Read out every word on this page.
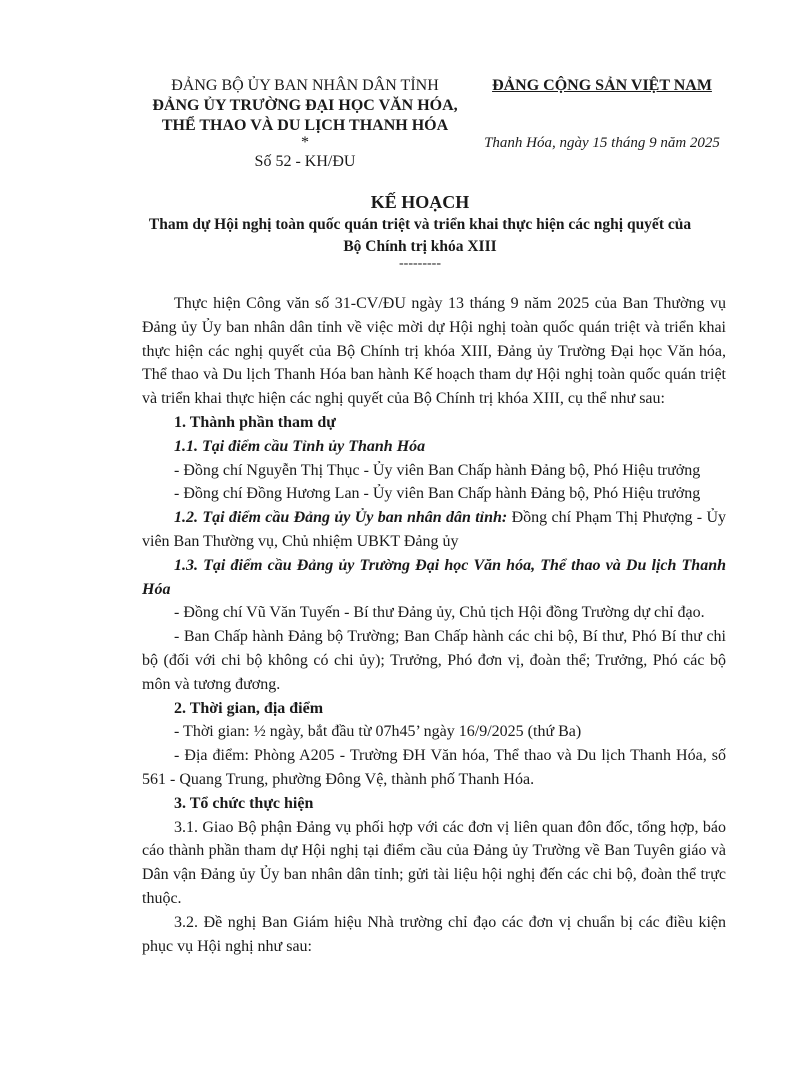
ĐẢNG BỘ ỦY BAN NHÂN DÂN TỈNH
ĐẢNG ỦY TRƯỜNG ĐẠI HỌC VĂN HÓA,
THỂ THAO VÀ DU LỊCH THANH HÓA
*
Số 52 - KH/ĐU
ĐẢNG CỘNG SẢN VIỆT NAM
Thanh Hóa, ngày 15 tháng 9 năm 2025
KẾ HOẠCH
Tham dự Hội nghị toàn quốc quán triệt và triển khai thực hiện các nghị quyết của
Bộ Chính trị khóa XIII
---------

Thực hiện Công văn số 31-CV/ĐU ngày 13 tháng 9 năm 2025 của Ban Thường vụ Đảng ủy Ủy ban nhân dân tỉnh về việc mời dự Hội nghị toàn quốc quán triệt và triển khai thực hiện các nghị quyết của Bộ Chính trị khóa XIII, Đảng ủy Trường Đại học Văn hóa, Thể thao và Du lịch Thanh Hóa ban hành Kế hoạch tham dự Hội nghị toàn quốc quán triệt và triển khai thực hiện các nghị quyết của Bộ Chính trị khóa XIII, cụ thể như sau:

1. Thành phần tham dự

1.1. Tại điểm cầu Tỉnh ủy Thanh Hóa

- Đồng chí Nguyễn Thị Thục - Ủy viên Ban Chấp hành Đảng bộ, Phó Hiệu trưởng

- Đồng chí Đồng Hương Lan - Ủy viên Ban Chấp hành Đảng bộ, Phó Hiệu trưởng

1.2. Tại điểm cầu Đảng ủy Ủy ban nhân dân tỉnh: Đồng chí Phạm Thị Phượng - Ủy viên Ban Thường vụ, Chủ nhiệm UBKT Đảng ủy

1.3. Tại điểm cầu Đảng ủy Trường Đại học Văn hóa, Thể thao và Du lịch Thanh Hóa

- Đồng chí Vũ Văn Tuyến - Bí thư Đảng ủy, Chủ tịch Hội đồng Trường dự chỉ đạo.

- Ban Chấp hành Đảng bộ Trường; Ban Chấp hành các chi bộ, Bí thư, Phó Bí thư chi bộ (đối với chi bộ không có chi ủy); Trưởng, Phó đơn vị, đoàn thể; Trưởng, Phó các bộ môn và tương đương.

2. Thời gian, địa điểm

- Thời gian: ½ ngày, bắt đầu từ 07h45’ ngày 16/9/2025 (thứ Ba)

- Địa điểm: Phòng A205 - Trường ĐH Văn hóa, Thể thao và Du lịch Thanh Hóa, số 561 - Quang Trung, phường Đông Vệ, thành phố Thanh Hóa.

3. Tổ chức thực hiện

3.1. Giao Bộ phận Đảng vụ phối hợp với các đơn vị liên quan đôn đốc, tổng hợp, báo cáo thành phần tham dự Hội nghị tại điểm cầu của Đảng ủy Trường về Ban Tuyên giáo và Dân vận Đảng ủy Ủy ban nhân dân tỉnh; gửi tài liệu hội nghị đến các chi bộ, đoàn thể trực thuộc.

3.2. Đề nghị Ban Giám hiệu Nhà trường chỉ đạo các đơn vị chuẩn bị các điều kiện phục vụ Hội nghị như sau:
